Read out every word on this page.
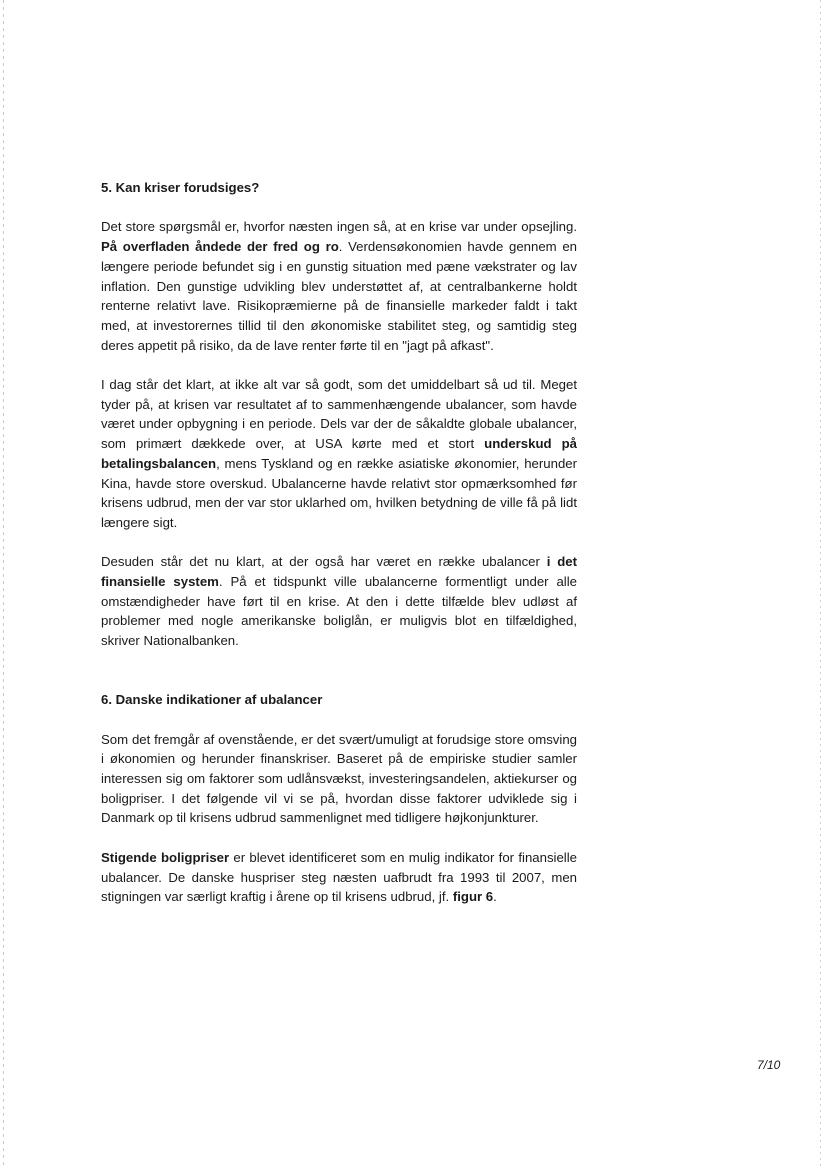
5. Kan kriser forudsiges?

Det store spørgsmål er, hvorfor næsten ingen så, at en krise var under opsejling. På overfladen åndede der fred og ro. Verdensøkonomien havde gennem en længere periode befundet sig i en gunstig situation med pæne vækstrater og lav inflation. Den gunstige udvikling blev understøttet af, at centralbankerne holdt renterne relativt lave. Risikopræmierne på de finansielle markeder faldt i takt med, at investorernes tillid til den økonomiske stabilitet steg, og samtidig steg deres appetit på risiko, da de lave renter førte til en "jagt på afkast".

I dag står det klart, at ikke alt var så godt, som det umiddelbart så ud til. Meget tyder på, at krisen var resultatet af to sammenhængende ubalancer, som havde været under opbygning i en periode. Dels var der de såkaldte globale ubalancer, som primært dækkede over, at USA kørte med et stort underskud på betalingsbalancen, mens Tyskland og en række asiatiske økonomier, herunder Kina, havde store overskud. Ubalancerne havde relativt stor opmærksomhed før krisens udbrud, men der var stor uklarhed om, hvilken betydning de ville få på lidt længere sigt.

Desuden står det nu klart, at der også har været en række ubalancer i det finansielle system. På et tidspunkt ville ubalancerne formentligt under alle omstændigheder have ført til en krise. At den i dette tilfælde blev udløst af problemer med nogle amerikanske boliglån, er muligvis blot en tilfældighed, skriver Nationalbanken.

6. Danske indikationer af ubalancer

Som det fremgår af ovenstående, er det svært/umuligt at forudsige store omsving i økonomien og herunder finanskriser. Baseret på de empiriske studier samler interessen sig om faktorer som udlånsvækst, investeringsandelen, aktiekurser og boligpriser. I det følgende vil vi se på, hvordan disse faktorer udviklede sig i Danmark op til krisens udbrud sammenlignet med tidligere højkonjunkturer.

Stigende boligpriser er blevet identificeret som en mulig indikator for finansielle ubalancer. De danske huspriser steg næsten uafbrudt fra 1993 til 2007, men stigningen var særligt kraftig i årene op til krisens udbrud, jf. figur 6.

7/10
